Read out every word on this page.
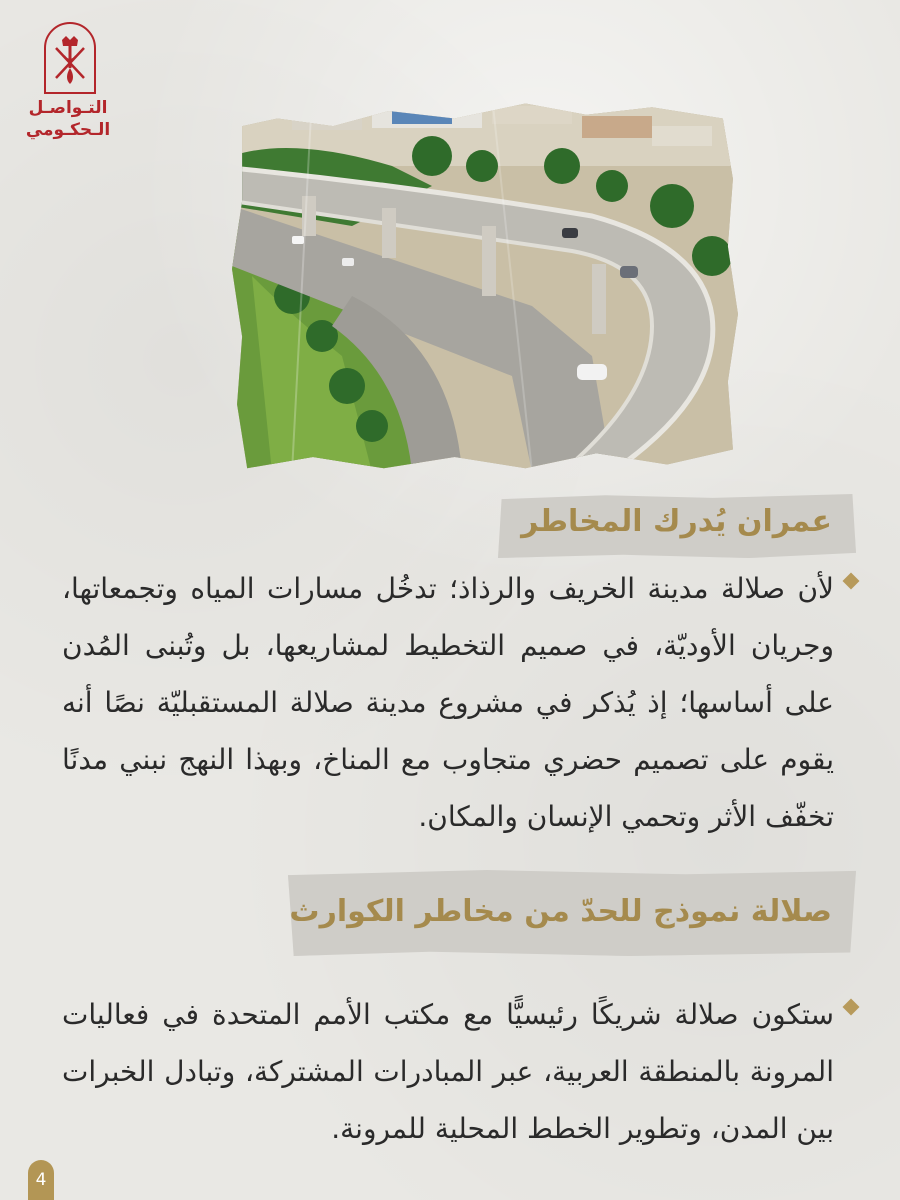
التـواصـل
الـحكـومي
عمران يُدرك المخاطر
لأن صلالة مدينة الخريف والرذاذ؛ تدخُل مسارات المياه وتجمعاتها، وجريان الأوديّة، في صميم التخطيط لمشاريعها، بل وتُبنى المُدن على أساسها؛ إذ يُذكر في مشروع مدينة صلالة المستقبليّة نصًا أنه يقوم على تصميم حضري متجاوب مع المناخ، وبهذا النهج نبني مدنًا تخفّف الأثر وتحمي الإنسان والمكان.
صلالة نموذج للحدّ من مخاطر الكوارث
ستكون صلالة شريكًا رئيسيًّا مع مكتب الأمم المتحدة في فعاليات المرونة بالمنطقة العربية، عبر المبادرات المشتركة، وتبادل الخبرات بين المدن، وتطوير الخطط المحلية للمرونة.
4
